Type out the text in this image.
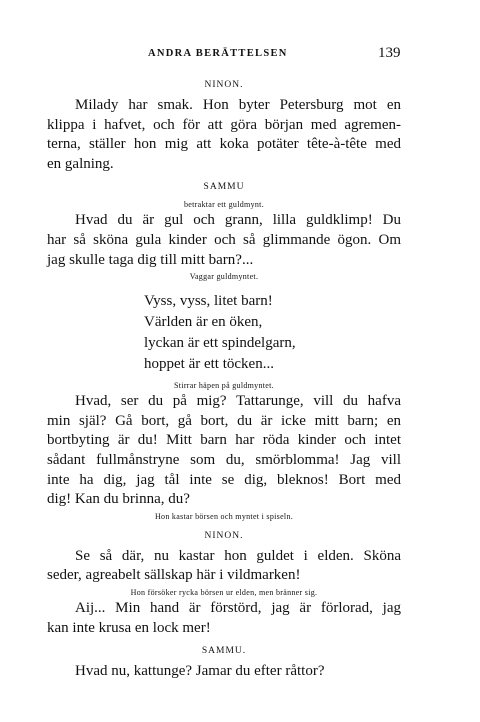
ANDRA BERÄTTELSEN	139
NINON.
Milady har smak. Hon byter Petersburg mot en
klippa i hafvet, och för att göra början med agremen-
terna, ställer hon mig att koka potäter tête-à-tête med
en galning.
SAMMU
betraktar ett guldmynt.
Hvad du är gul och grann, lilla guldklimp! Du
har så sköna gula kinder och så glimmande ögon. Om
jag skulle taga dig till mitt barn?...
Vaggar guldmyntet.
Vyss, vyss, litet barn!
Världen är en öken,
lyckan är ett spindelgarn,
hoppet är ett töcken...
Stirrar häpen på guldmyntet.
Hvad, ser du på mig? Tattarunge, vill du hafva
min själ? Gå bort, gå bort, du är icke mitt barn; en
bortbyting är du! Mitt barn har röda kinder och intet
sådant fullmånstryne som du, smörblomma! Jag vill
inte ha dig, jag tål inte se dig, bleknos! Bort med
dig! Kan du brinna, du?
Hon kastar börsen och myntet i spiseln.
NINON.
Se så där, nu kastar hon guldet i elden. Sköna
seder, agreabelt sällskap här i vildmarken!
Hon försöker rycka börsen ur elden, men bränner sig.
Aij... Min hand är förstörd, jag är förlorad, jag
kan inte krusa en lock mer!
SAMMU.
Hvad nu, kattunge? Jamar du efter råttor?
